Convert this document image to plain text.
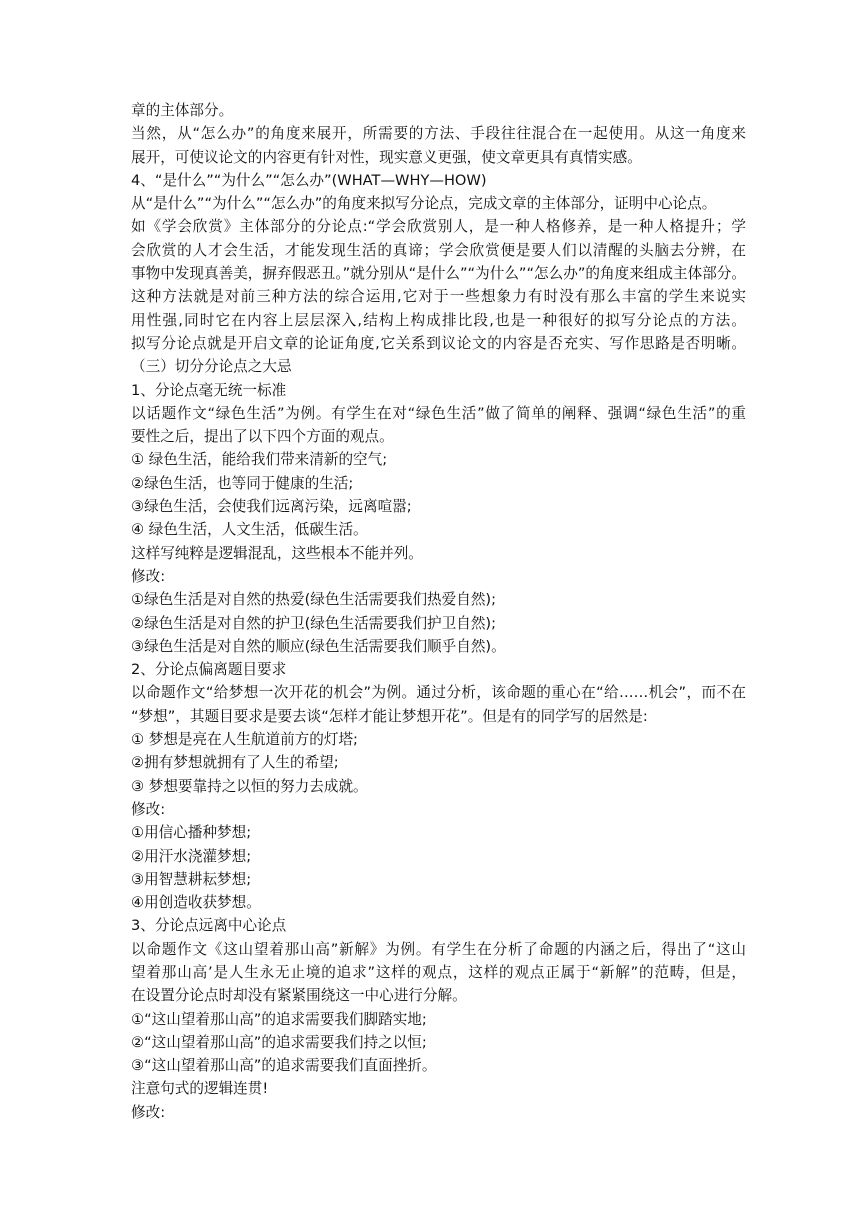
章的主体部分。
当然，从“怎么办”的角度来展开，所需要的方法、手段往往混合在一起使用。从这一角度来
展开，可使议论文的内容更有针对性，现实意义更强，使文章更具有真情实感。
4、“是什么”“为什么”“怎么办”(WHAT—WHY—HOW)
从“是什么”“为什么”“怎么办”的角度来拟写分论点，完成文章的主体部分，证明中心论点。
如《学会欣赏》主体部分的分论点:“学会欣赏别人，是一种人格修养，是一种人格提升；学
会欣赏的人才会生活，才能发现生活的真谛；学会欣赏便是要人们以清醒的头脑去分辨，在
事物中发现真善美，摒弃假恶丑。”就分别从“是什么”“为什么”“怎么办”的角度来组成主体部分。
这种方法就是对前三种方法的综合运用,它对于一些想象力有时没有那么丰富的学生来说实
用性强,同时它在内容上层层深入,结构上构成排比段,也是一种很好的拟写分论点的方法。
拟写分论点就是开启文章的论证角度,它关系到议论文的内容是否充实、写作思路是否明晰。
（三）切分分论点之大忌
1、分论点毫无统一标准
以话题作文“绿色生活”为例。有学生在对“绿色生活”做了简单的阐释、强调“绿色生活”的重
要性之后，提出了以下四个方面的观点。
① 绿色生活，能给我们带来清新的空气;
②绿色生活，也等同于健康的生活;
③绿色生活，会使我们远离污染，远离喧嚣;
④ 绿色生活，人文生活，低碳生活。
这样写纯粹是逻辑混乱，这些根本不能并列。
修改:
①绿色生活是对自然的热爱(绿色生活需要我们热爱自然);
②绿色生活是对自然的护卫(绿色生活需要我们护卫自然);
③绿色生活是对自然的顺应(绿色生活需要我们顺乎自然)。
2、分论点偏离题目要求
以命题作文“给梦想一次开花的机会”为例。通过分析，该命题的重心在“给……机会”，而不在
“梦想”，其题目要求是要去谈“怎样才能让梦想开花”。但是有的同学写的居然是:
① 梦想是亮在人生航道前方的灯塔;
②拥有梦想就拥有了人生的希望;
③ 梦想要靠持之以恒的努力去成就。
修改:
①用信心播种梦想;
②用汗水浇灌梦想;
③用智慧耕耘梦想;
④用创造收获梦想。
3、分论点远离中心论点
以命题作文《这山望着那山高”新解》为例。有学生在分析了命题的内涵之后，得出了“这山
望着那山高’是人生永无止境的追求”这样的观点，这样的观点正属于“新解”的范畴，但是，
在设置分论点时却没有紧紧围绕这一中心进行分解。
①“这山望着那山高”的追求需要我们脚踏实地;
②“这山望着那山高”的追求需要我们持之以恒;
③“这山望着那山高”的追求需要我们直面挫折。
注意句式的逻辑连贯!
修改:
